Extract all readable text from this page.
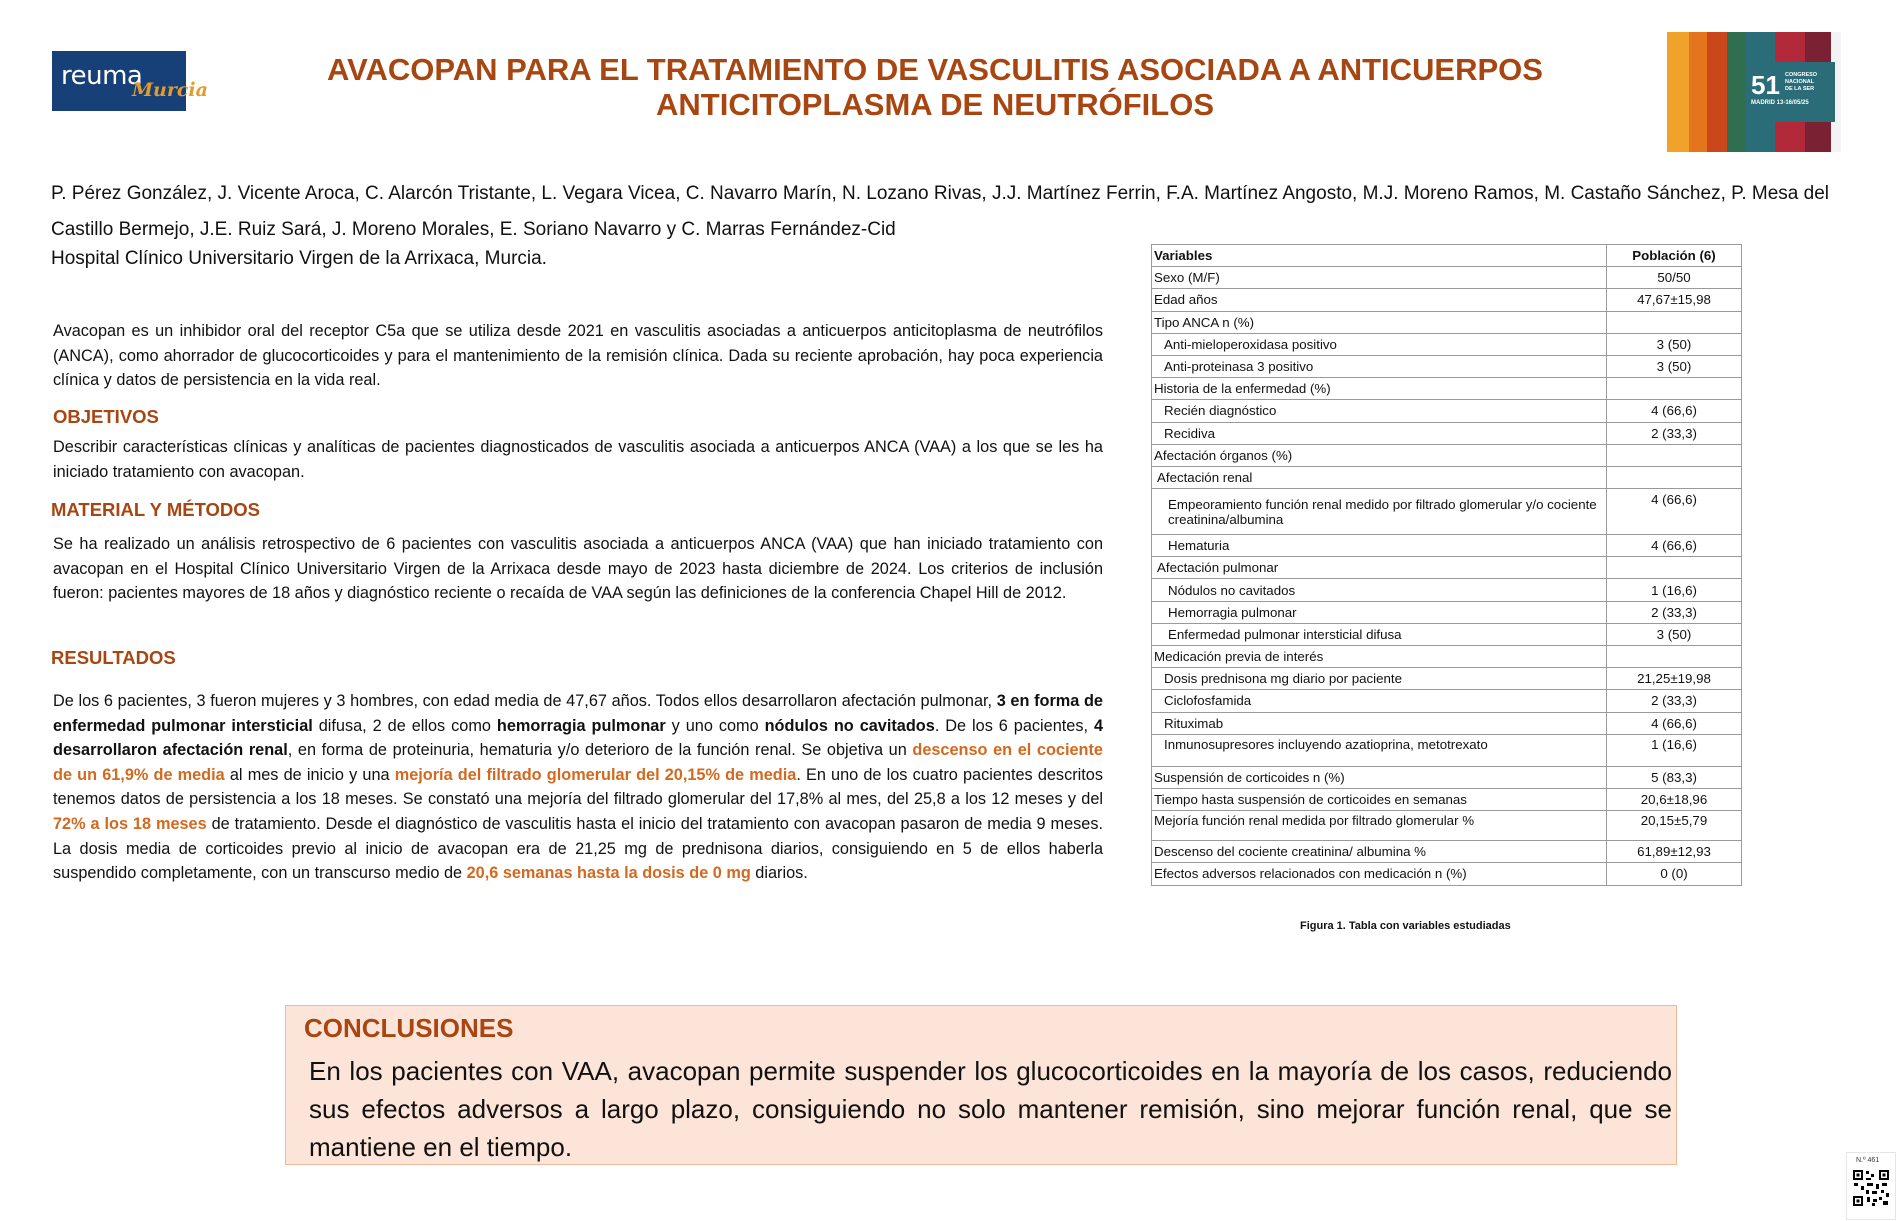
reuma
Murcia	51 CONGRESO
NACIONAL
DE LA SER
MADRID 13-16/05/25
AVACOPAN PARA EL TRATAMIENTO DE VASCULITIS ASOCIADA A ANTICUERPOS ANTICITOPLASMA DE NEUTRÓFILOS
P. Pérez González, J. Vicente Aroca, C. Alarcón Tristante, L. Vegara Vicea, C. Navarro Marín, N. Lozano Rivas, J.J. Martínez Ferrin, F.A. Martínez Angosto, M.J. Moreno Ramos, M. Castaño Sánchez, P. Mesa del Castillo Bermejo, J.E. Ruiz Sará, J. Moreno Morales, E. Soriano Navarro y C. Marras Fernández-Cid
Hospital Clínico Universitario Virgen de la Arrixaca, Murcia.
Avacopan es un inhibidor oral del receptor C5a que se utiliza desde 2021 en vasculitis asociadas a anticuerpos anticitoplasma de neutrófilos (ANCA), como ahorrador de glucocorticoides y para el mantenimiento de la remisión clínica. Dada su reciente aprobación, hay poca experiencia clínica y datos de persistencia en la vida real.
OBJETIVOS
Describir características clínicas y analíticas de pacientes diagnosticados de vasculitis asociada a anticuerpos ANCA (VAA) a los que se les ha iniciado tratamiento con avacopan.
MATERIAL Y MÉTODOS
Se ha realizado un análisis retrospectivo de 6 pacientes con vasculitis asociada a anticuerpos ANCA (VAA) que han iniciado tratamiento con avacopan en el Hospital Clínico Universitario Virgen de la Arrixaca desde mayo de 2023 hasta diciembre de 2024. Los criterios de inclusión fueron: pacientes mayores de 18 años y diagnóstico reciente o recaída de VAA según las definiciones de la conferencia Chapel Hill de 2012.
RESULTADOS
De los 6 pacientes, 3 fueron mujeres y 3 hombres, con edad media de 47,67 años. Todos ellos desarrollaron afectación pulmonar, 3 en forma de enfermedad pulmonar intersticial difusa, 2 de ellos como hemorragia pulmonar y uno como nódulos no cavitados. De los 6 pacientes, 4 desarrollaron afectación renal, en forma de proteinuria, hematuria y/o deterioro de la función renal. Se objetiva un descenso en el cociente de un 61,9% de media al mes de inicio y una mejoría del filtrado glomerular del 20,15% de media. En uno de los cuatro pacientes descritos tenemos datos de persistencia a los 18 meses. Se constató una mejoría del filtrado glomerular del 17,8% al mes, del 25,8 a los 12 meses y del 72% a los 18 meses de tratamiento. Desde el diagnóstico de vasculitis hasta el inicio del tratamiento con avacopan pasaron de media 9 meses. La dosis media de corticoides previo al inicio de avacopan era de 21,25 mg de prednisona diarios, consiguiendo en 5 de ellos haberla suspendido completamente, con un transcurso medio de 20,6 semanas hasta la dosis de 0 mg diarios.
Variables	Población (6)
Sexo (M/F)	50/50
Edad años	47,67±15,98
Tipo ANCA n (%)	
Anti-mieloperoxidasa positivo	3 (50)
Anti-proteinasa 3 positivo	3 (50)
Historia de la enfermedad (%)	
Recién diagnóstico	4 (66,6)
Recidiva	2 (33,3)
Afectación órganos (%)	
Afectación renal	
Empeoramiento función renal medido por filtrado glomerular y/o cociente creatinina/albumina	4 (66,6)
Hematuria	4 (66,6)
Afectación pulmonar	
Nódulos no cavitados	1 (16,6)
Hemorragia pulmonar	2 (33,3)
Enfermedad pulmonar intersticial difusa	3 (50)
Medicación previa de interés	
Dosis prednisona mg diario por paciente	21,25±19,98
Ciclofosfamida	2 (33,3)
Rituximab	4 (66,6)
Inmunosupresores incluyendo azatioprina, metotrexato	1 (16,6)
Suspensión de corticoides n (%)	5 (83,3)
Tiempo hasta suspensión de corticoides en semanas	20,6±18,96
Mejoría función renal medida por filtrado glomerular %	20,15±5,79
Descenso del cociente creatinina/ albumina %	61,89±12,93
Efectos adversos relacionados con medicación n (%)	0 (0)
Figura 1. Tabla con variables estudiadas
CONCLUSIONES
En los pacientes con VAA, avacopan permite suspender los glucocorticoides en la mayoría de los casos, reduciendo sus efectos adversos a largo plazo, consiguiendo no solo mantener remisión, sino mejorar función renal, que se mantiene en el tiempo.	N.º 461
